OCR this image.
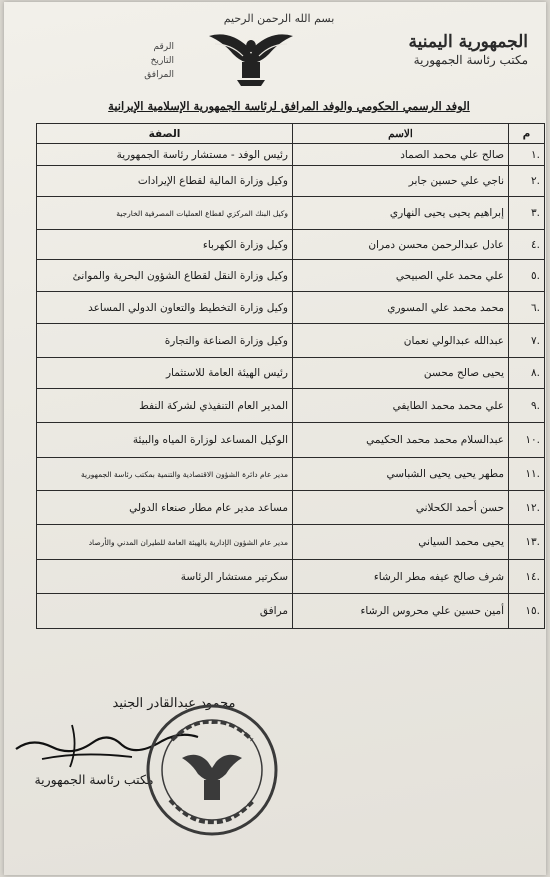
بسم الله الرحمن الرحيم
الجمهورية اليمنية
مكتب رئاسة الجمهورية
الرقم
التاريخ
المرافق
الوفد الرسمي الحكومي والوفد المرافق لرئاسة الجمهورية الإسلامية الإيرانية
م	الاسم	الصفة
.١	صالح علي محمد الصماد	رئيس الوفد - مستشار رئاسة الجمهورية
.٢	ناجي علي حسين جابر	وكيل وزارة المالية لقطاع الإيرادات
.٣	إبراهيم يحيى يحيى النهاري	وكيل البنك المركزي لقطاع العمليات المصرفية الخارجية
.٤	عادل عبدالرحمن محسن دمران	وكيل وزارة الكهرباء
.٥	علي محمد علي الصبيحي	وكيل وزارة النقل لقطاع الشؤون البحرية والموانئ
.٦	محمد محمد علي المسوري	وكيل وزارة التخطيط والتعاون الدولي المساعد
.٧	عبدالله عبدالولي نعمان	وكيل وزارة الصناعة والتجارة
.٨	يحيى صالح محسن	رئيس الهيئة العامة للاستثمار
.٩	علي محمد محمد الطايفي	المدير العام التنفيذي لشركة النفط
.١٠	عبدالسلام محمد محمد الحكيمي	الوكيل المساعد لوزارة المياه والبيئة
.١١	مطهر يحيى يحيى الشباسي	مدير عام دائرة الشؤون الاقتصادية والتنمية بمكتب رئاسة الجمهورية
.١٢	حسن أحمد الكحلاني	مساعد مدير عام مطار صنعاء الدولي
.١٣	يحيى محمد السياني	مدير عام الشؤون الإدارية بالهيئة العامة للطيران المدني والأرصاد
.١٤	شرف صالح عيفه مطر الرشاء	سكرتير مستشار الرئاسة
.١٥	أمين حسين علي محروس الرشاء	مرافق
محمود عبدالقادر الجنيد
مكتب رئاسة الجمهورية
